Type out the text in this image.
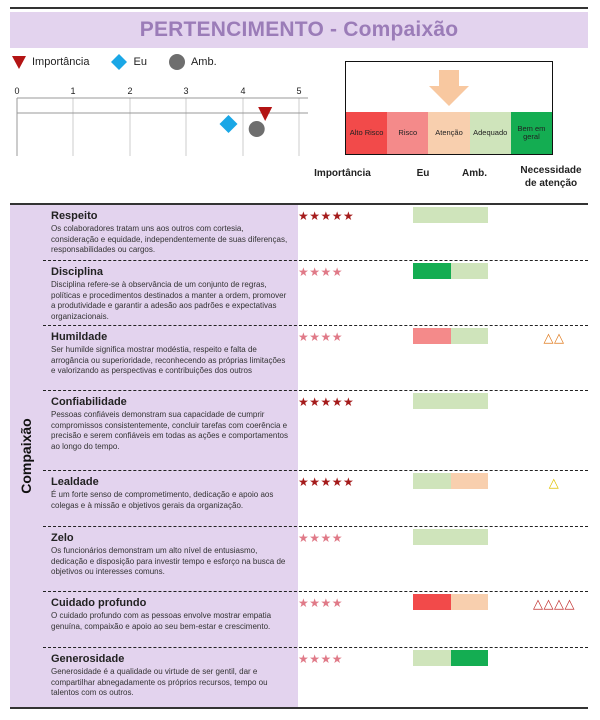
PERTENCIMENTO - Compaixão
Importância	Eu	Amb.
0	1	2	3	4	5
Alto Risco	Risco	Atenção	Adequado	Bem em geral
Importância	Eu	Amb.	Necessidade de atenção
Compaixão
Respeito
Os colaboradores tratam uns aos outros com cortesia, consideração e equidade, independentemente de suas diferenças, responsabilidades ou cargos.
★★★★★
Disciplina
Disciplina refere-se à observância de um conjunto de regras, políticas e procedimentos destinados a manter a ordem, promover a produtividade e garantir a adesão aos padrões e expectativas organizacionais.
★★★★
Humildade
Ser humilde significa mostrar modéstia, respeito e falta de arrogância ou superioridade, reconhecendo as próprias limitações e valorizando as perspectivas e contribuições dos outros
★★★★	△△
Confiabilidade
Pessoas confiáveis demonstram sua capacidade de cumprir compromissos consistentemente, concluir tarefas com coerência e precisão e serem confiáveis em todas as ações e comportamentos ao longo do tempo.
★★★★★
Lealdade
É um forte senso de comprometimento, dedicação e apoio aos colegas e à missão e objetivos gerais da organização.
★★★★★	△
Zelo
Os funcionários demonstram um alto nível de entusiasmo, dedicação e disposição para investir tempo e esforço na busca de objetivos ou interesses comuns.
★★★★
Cuidado profundo
O cuidado profundo com as pessoas envolve mostrar empatia genuína, compaixão e apoio ao seu bem-estar e crescimento.
★★★★	△△△△
Generosidade
Generosidade é a qualidade ou virtude de ser gentil, dar e compartilhar abnegadamente os próprios recursos, tempo ou talentos com os outros.
★★★★
